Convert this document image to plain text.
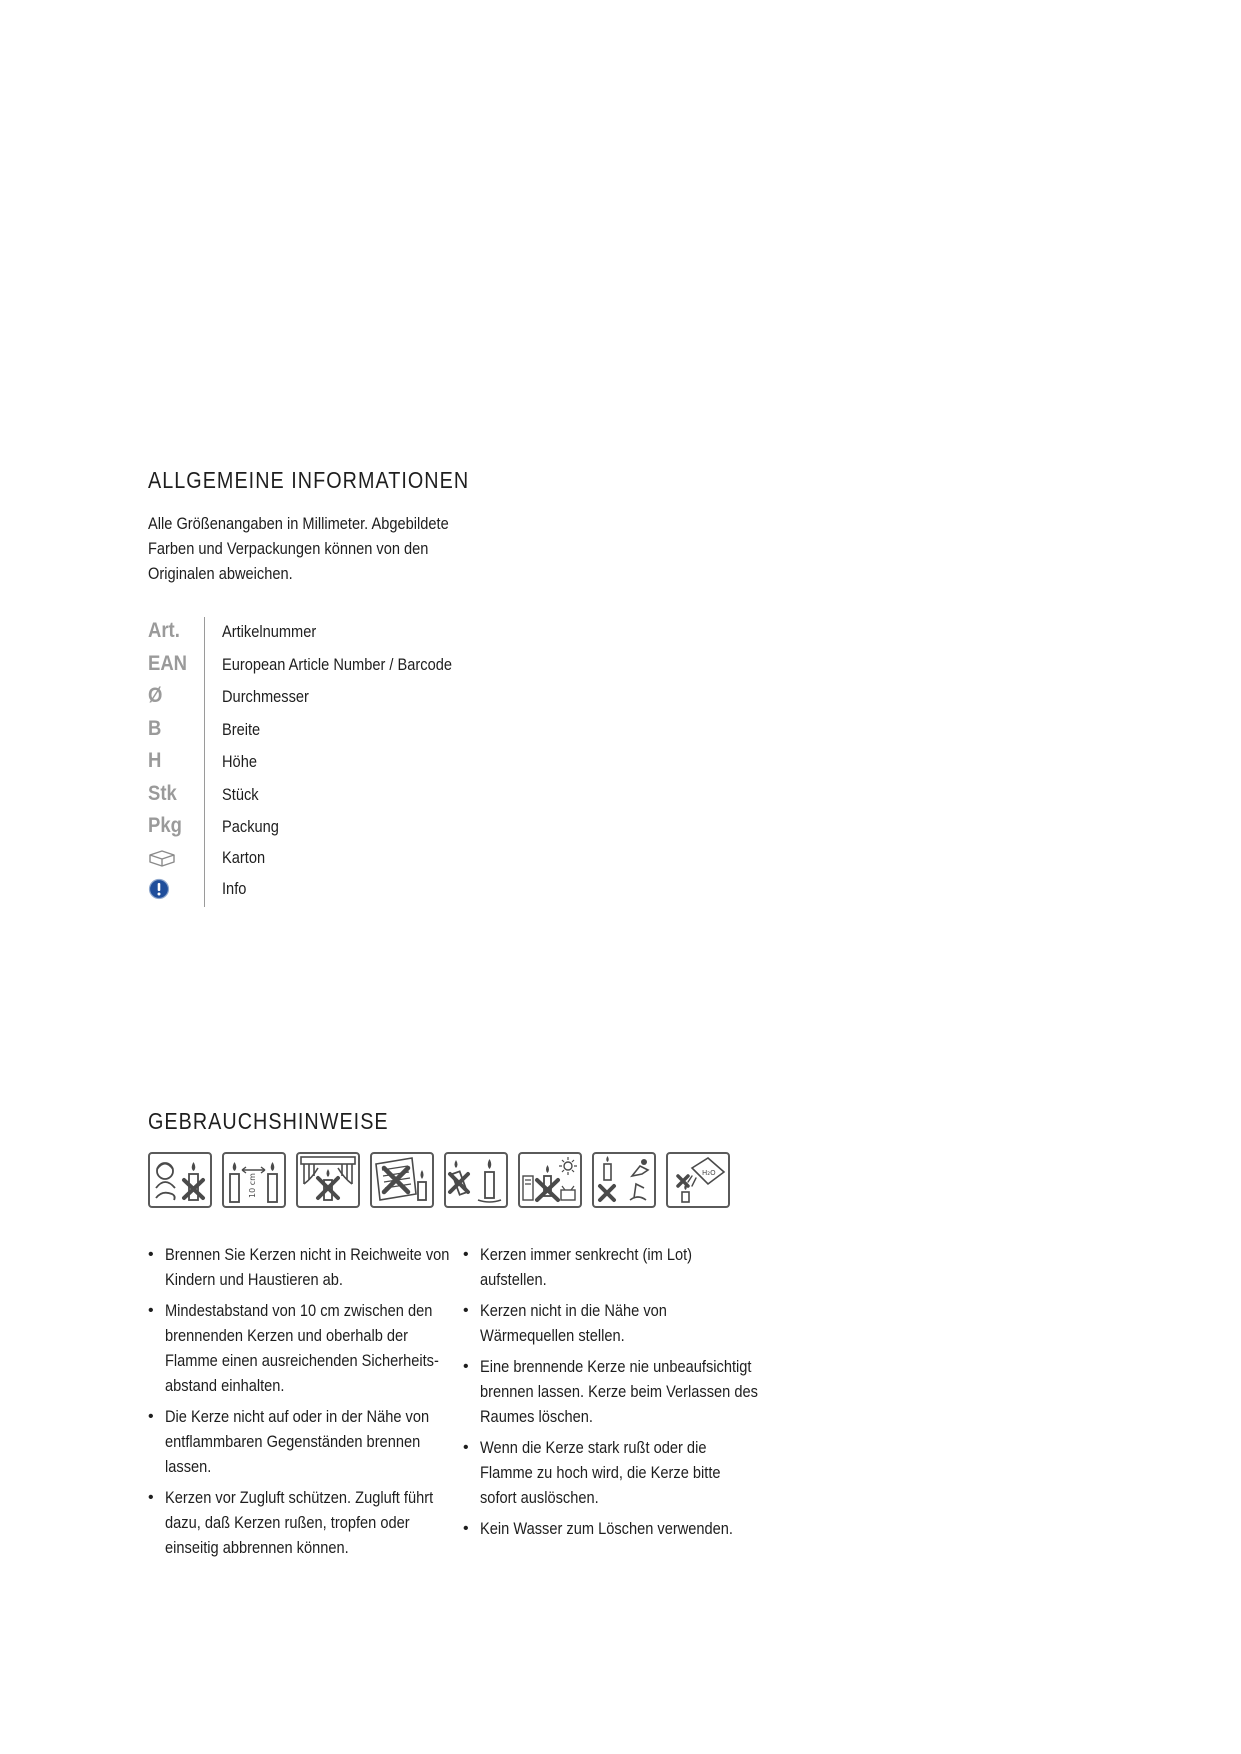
ALLGEMEINE INFORMATIONEN

Alle Größenangaben in Millimeter. Abgebildete
Farben und Verpackungen können von den
Originalen abweichen.

Art. Artikelnummer
EAN European Article Number / Barcode
Ø	Durchmesser
B	Breite
H	Höhe
Stk	Stück
Pkg Packung
Karton
Info
GEBRAUCHSHINWEISE
10 cm
H₂O
• Brennen Sie Kerzen nicht in Reichweite von
Kindern und Haustieren ab.
• Mindestabstand von 10 cm zwischen den
brennenden Kerzen und oberhalb der
Flamme einen ausreichenden Sicherheits-
abstand einhalten.
• Die Kerze nicht auf oder in der Nähe von
entflammbaren Gegenständen brennen
lassen.
• Kerzen vor Zugluft schützen. Zugluft führt
dazu, daß Kerzen rußen, tropfen oder
einseitig abbrennen können.
• Kerzen immer senkrecht (im Lot)
aufstellen.
• Kerzen nicht in die Nähe von
Wärmequellen stellen.
• Eine brennende Kerze nie unbeaufsichtigt
brennen lassen. Kerze beim Verlassen des
Raumes löschen.
• Wenn die Kerze stark rußt oder die
Flamme zu hoch wird, die Kerze bitte
sofort auslöschen.
• Kein Wasser zum Löschen verwenden.
